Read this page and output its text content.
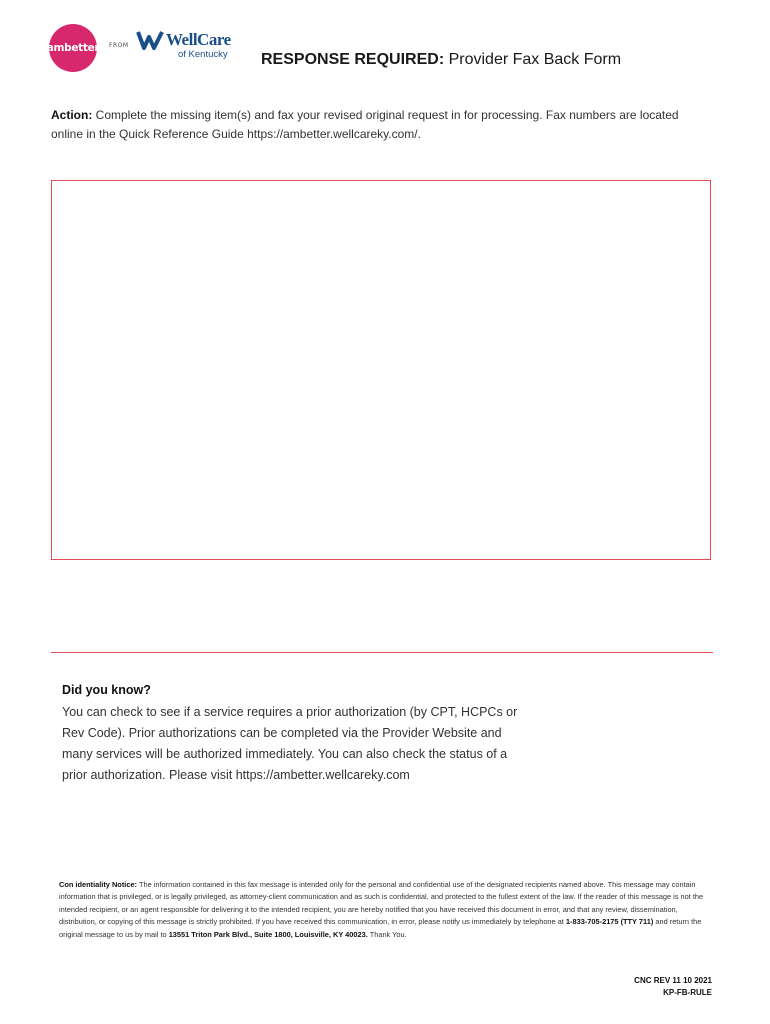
ambetter FROM WellCare
of Kentucky RESPONSE REQUIRED: Provider Fax Back Form
Action: Complete the missing item(s) and fax your revised original request in for processing. Fax numbers are located online in the Quick Reference Guide https://ambetter.wellcareky.com/.
Did you know?
You can check to see if a service requires a prior authorization (by CPT, HCPCs or Rev Code). Prior authorizations can be completed via the Provider Website and many services will be authorized immediately. You can also check the status of a prior authorization. Please visit https://ambetter.wellcareky.com
Con identiality Notice: The information contained in this fax message is intended only for the personal and confidential use of the designated recipients named above. This message may contain information that is privileged, or is legally privileged, as attorney-client communication and as such is confidential, and protected to the fullest extent of the law. If the reader of this message is not the intended recipient, or an agent responsible for delivering it to the intended recipient, you are hereby notified that you have received this document in error, and that any review, dissemination, distribution, or copying of this message is strictly prohibited. If you have received this communication, in error, please notify us immediately by telephone at 1-833-705-2175 (TTY 711) and return the original message to us by mail to 13551 Triton Park Blvd., Suite 1800, Louisville, KY 40023. Thank You.
CNC REV 11 10 2021
KP-FB-RULE
